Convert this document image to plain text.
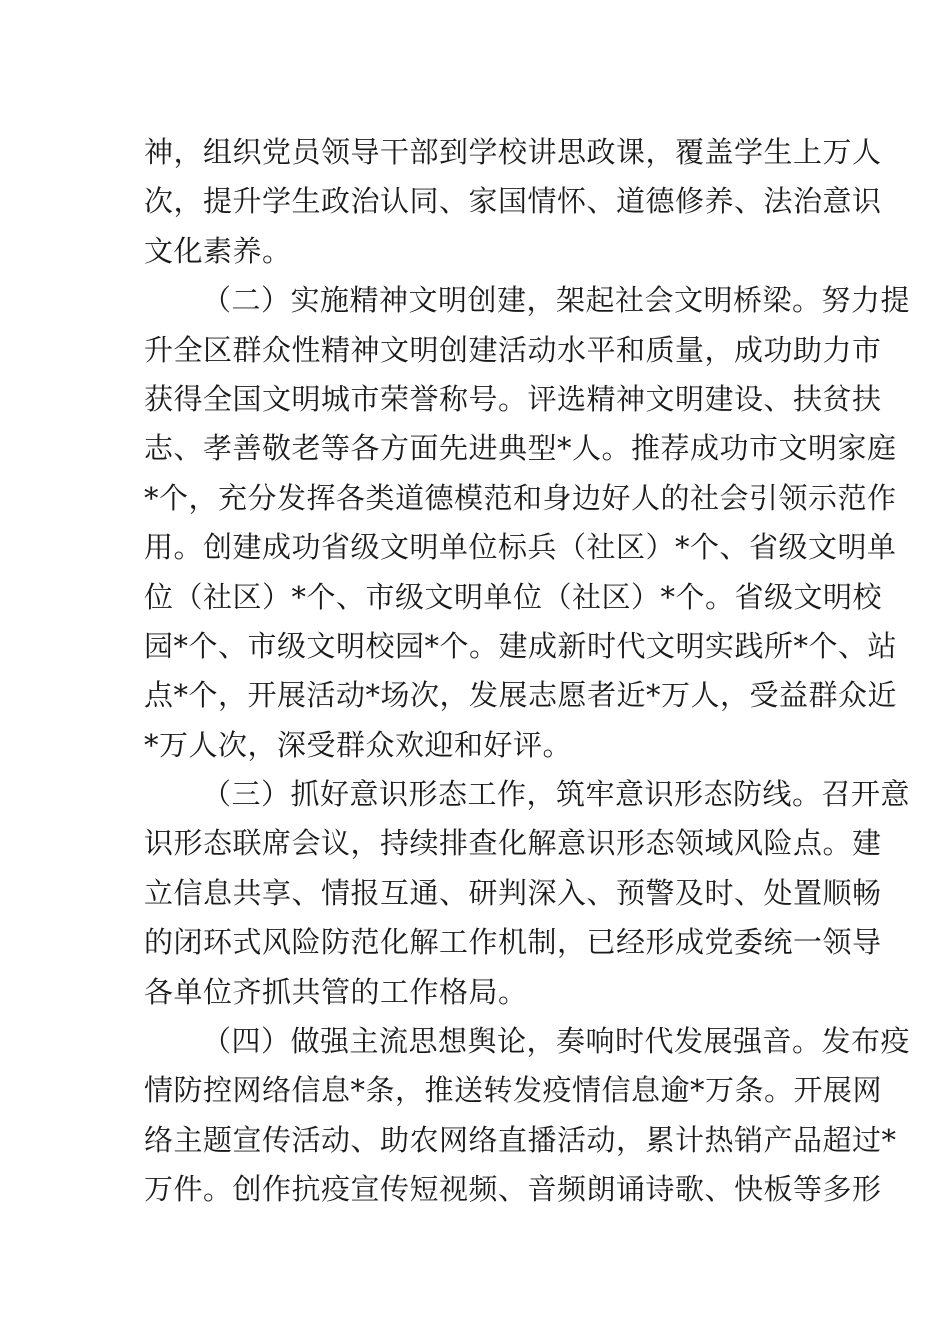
神，组织党员领导干部到学校讲思政课，覆盖学生上万人
次，提升学生政治认同、家国情怀、道德修养、法治意识
文化素养。
（二）实施精神文明创建，架起社会文明桥梁。努力提
升全区群众性精神文明创建活动水平和质量，成功助力市
获得全国文明城市荣誉称号。评选精神文明建设、扶贫扶
志、孝善敬老等各方面先进典型*人。推荐成功市文明家庭
*个，充分发挥各类道德模范和身边好人的社会引领示范作
用。创建成功省级文明单位标兵（社区）*个、省级文明单
位（社区）*个、市级文明单位（社区）*个。省级文明校
园*个、市级文明校园*个。建成新时代文明实践所*个、站
点*个，开展活动*场次，发展志愿者近*万人，受益群众近
*万人次，深受群众欢迎和好评。
（三）抓好意识形态工作，筑牢意识形态防线。召开意
识形态联席会议，持续排查化解意识形态领域风险点。建
立信息共享、情报互通、研判深入、预警及时、处置顺畅
的闭环式风险防范化解工作机制，已经形成党委统一领导
各单位齐抓共管的工作格局。
（四）做强主流思想舆论，奏响时代发展强音。发布疫
情防控网络信息*条，推送转发疫情信息逾*万条。开展网
络主题宣传活动、助农网络直播活动，累计热销产品超过*
万件。创作抗疫宣传短视频、音频朗诵诗歌、快板等多形
